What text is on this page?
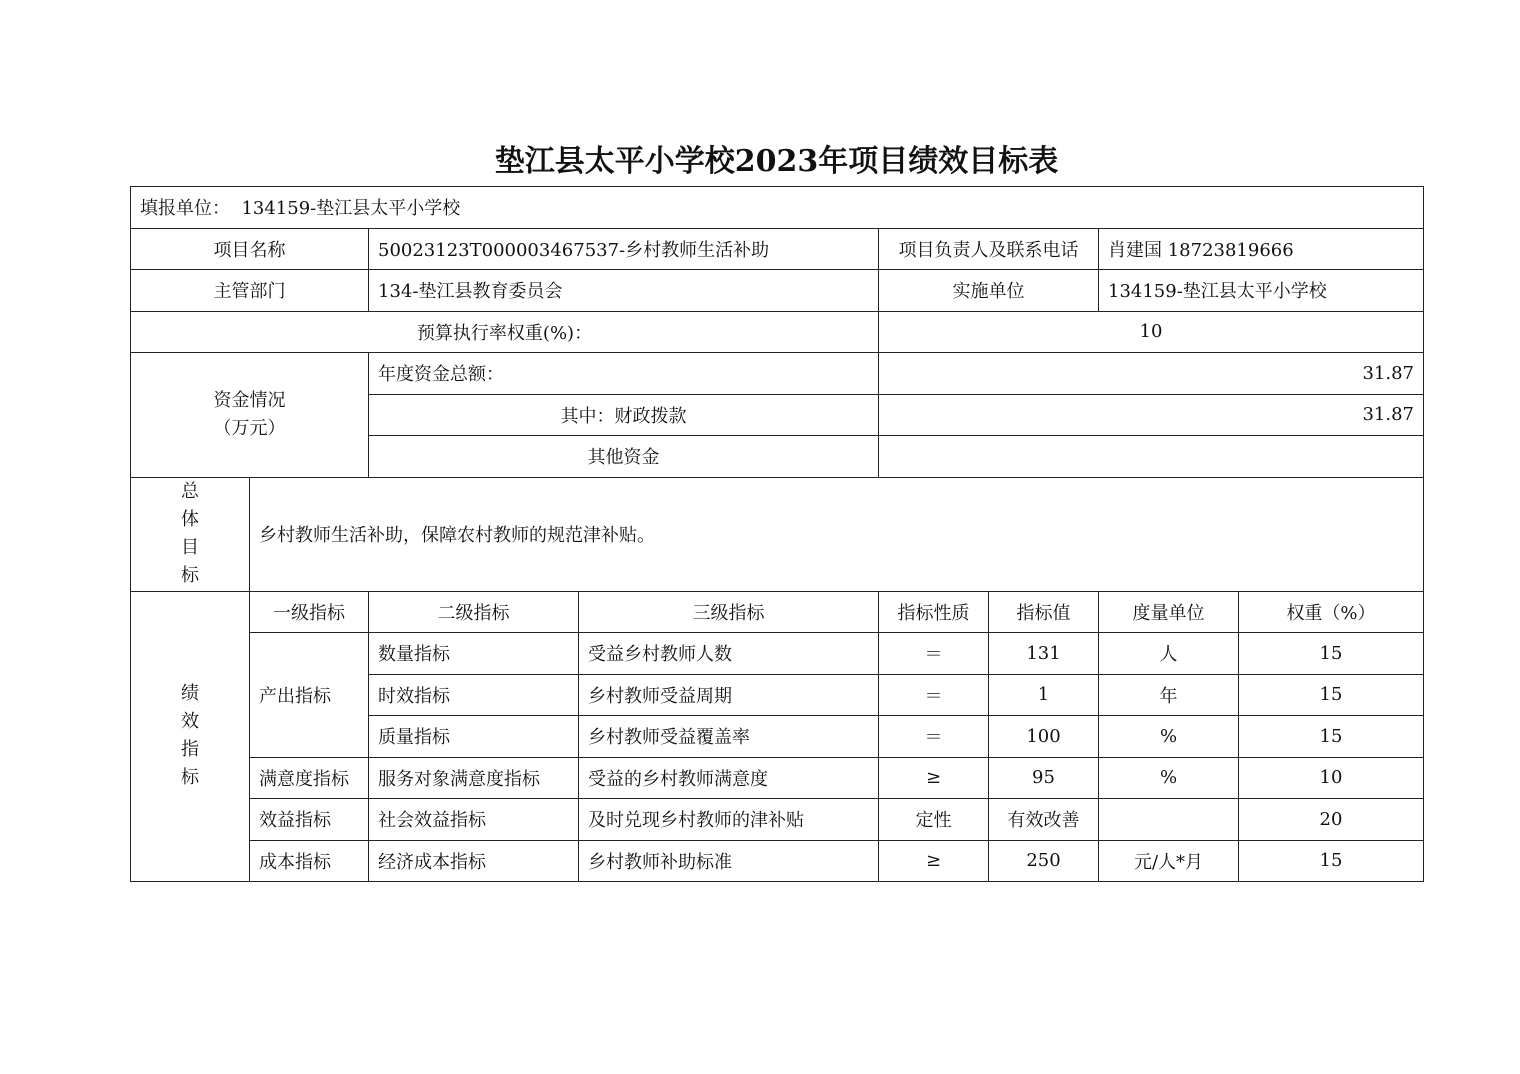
垫江县太平小学校2023年项目绩效目标表
填报单位： 134159-垫江县太平小学校							
项目名称		50023123T000003467537-乡村教师生活补助		项目负责人及联系电话		肖建国 18723819666	
主管部门		134-垫江县教育委员会		实施单位		134159-垫江县太平小学校	
预算执行率权重(%)：				10			

资金情况
（万元）		年度资金总额：		31.87			
		其中：财政拨款		31.87			
		其他资金					

总
体
目
标	乡村教师生活补助，保障农村教师的规范津补贴。						

绩
效
指
标	一级指标	二级指标	三级指标	指标性质	指标值	度量单位	权重（%）
	产出指标	数量指标	受益乡村教师人数	＝	131	人	15
		时效指标	乡村教师受益周期	＝	1	年	15
		质量指标	乡村教师受益覆盖率	＝	100	%	15
	满意度指标	服务对象满意度指标	受益的乡村教师满意度	≥	95	%	10
	效益指标	社会效益指标	及时兑现乡村教师的津补贴	定性	有效改善		20
	成本指标	经济成本指标	乡村教师补助标准	≥	250	元/人*月	15
